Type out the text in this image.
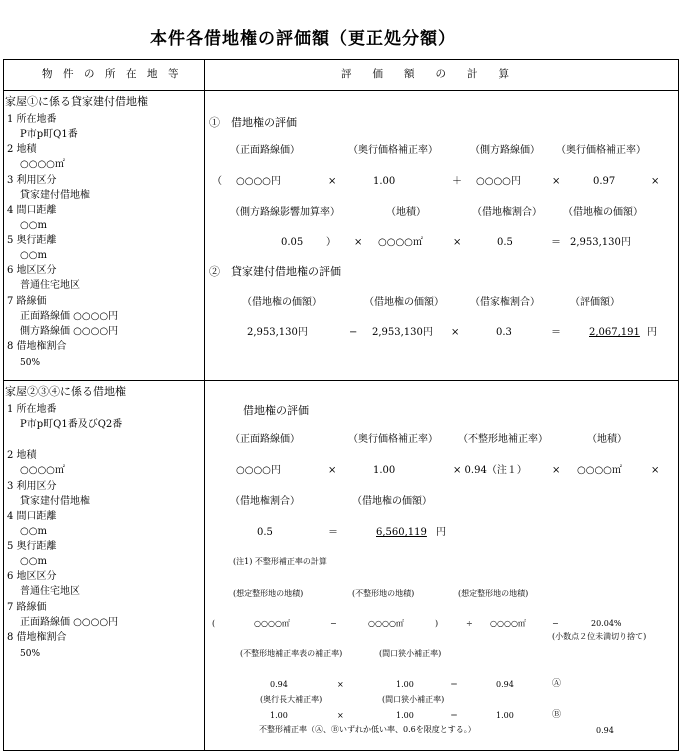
本件各借地権の評価額（更正処分額）
物　件　の　所　在　地　等	評　　価　　額　　の　　計　　算
家屋①に係る貸家建付借地権
1 所在地番
P市p町Q1番
2 地積
○○○○㎡
3 利用区分
貸家建付借地権
4 間口距離
○○m
5 奥行距離
○○m
6 地区区分
普通住宅地区
7 路線価
正面路線価 ○○○○円
側方路線価 ○○○○円
8 借地権割合
50%
①　借地権の評価
（正面路線価）	（奥行価格補正率）	（側方路線価） （奥行価格補正率）
（ ○○○○円	×	1.00	＋ ○○○○円	×	0.97	×
（側方路線影響加算率）	（地積）	（借地権割合） （借地権の価額）
0.05 ） × ○○○○㎡	×	0.5	＝ 2,953,130円
②　貸家建付借地権の評価
（借地権の価額）	（借地権の価額）	（借家権割合）	（評価額）
2,953,130円	− 2,953,130円 ×	0.3	＝	2,067,191 円
家屋②③④に係る借地権
1 所在地番
P市p町Q1番及びQ2番
2 地積
○○○○㎡
3 利用区分
貸家建付借地権
4 間口距離
○○m
5 奥行距離
○○m
6 地区区分
普通住宅地区
7 路線価
正面路線価 ○○○○円
8 借地権割合
50%
借地権の評価
（正面路線価）	（奥行価格補正率） （不整形地補正率）	（地積）
○○○○円	×	1.00	× 0.94（注１）	× ○○○○㎡	×
（借地権割合）	（借地権の価額）
0.5	＝	6,560,119 円
(注1) 不整形補正率の計算
(想定整形地の地積)	(不整形地の地積)	(想定整形地の地積)
(	○○○○㎡	−	○○○○㎡	)	÷ ○○○○㎡	−	20.04%
(小数点２位未満切り捨て)
(不整形地補正率表の補正率)	(間口狭小補正率)
0.94	×	1.00	＝	0.94	Ⓐ
(奥行長大補正率)	(間口狭小補正率)
1.00	×	1.00	＝	1.00	Ⓑ
不整形補正率（Ⓐ、Ⓑいずれか低い率、0.6を限度とする。）	0.94
